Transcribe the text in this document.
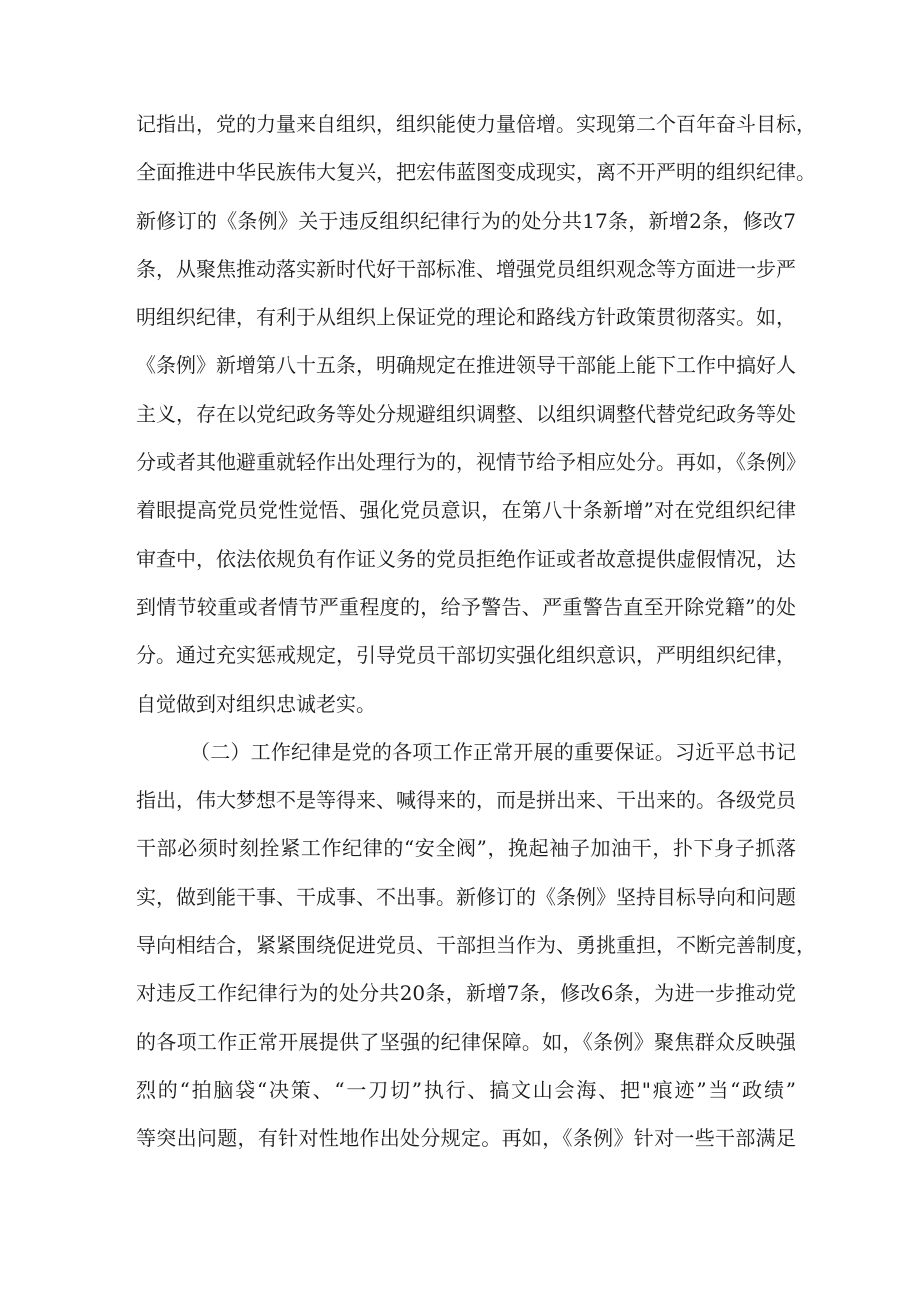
记指出，党的力量来自组织，组织能使力量倍增。实现第二个百年奋斗目标，
全面推进中华民族伟大复兴，把宏伟蓝图变成现实，离不开严明的组织纪律。
新修订的《条例》关于违反组织纪律行为的处分共17条，新增2条，修改7
条，从聚焦推动落实新时代好干部标准、增强党员组织观念等方面进一步严
明组织纪律，有利于从组织上保证党的理论和路线方针政策贯彻落实。如，
《条例》新增第八十五条，明确规定在推进领导干部能上能下工作中搞好人
主义，存在以党纪政务等处分规避组织调整、以组织调整代替党纪政务等处
分或者其他避重就轻作出处理行为的，视情节给予相应处分。再如，《条例》
着眼提高党员党性觉悟、强化党员意识，在第八十条新增”对在党组织纪律
审查中，依法依规负有作证义务的党员拒绝作证或者故意提供虚假情况，达
到情节较重或者情节严重程度的，给予警告、严重警告直至开除党籍”的处
分。通过充实惩戒规定，引导党员干部切实强化组织意识，严明组织纪律，
自觉做到对组织忠诚老实。
（二）工作纪律是党的各项工作正常开展的重要保证。习近平总书记
指出，伟大梦想不是等得来、喊得来的，而是拼出来、干出来的。各级党员
干部必须时刻拴紧工作纪律的“安全阀”，挽起袖子加油干，扑下身子抓落
实，做到能干事、干成事、不出事。新修订的《条例》坚持目标导向和问题
导向相结合，紧紧围绕促进党员、干部担当作为、勇挑重担，不断完善制度，
对违反工作纪律行为的处分共20条，新增7条，修改6条，为进一步推动党
的各项工作正常开展提供了坚强的纪律保障。如，《条例》聚焦群众反映强
烈的“拍脑袋“决策、“一刀切”执行、搞文山会海、把"痕迹”当“政绩”
等突出问题，有针对性地作出处分规定。再如，《条例》针对一些干部满足
